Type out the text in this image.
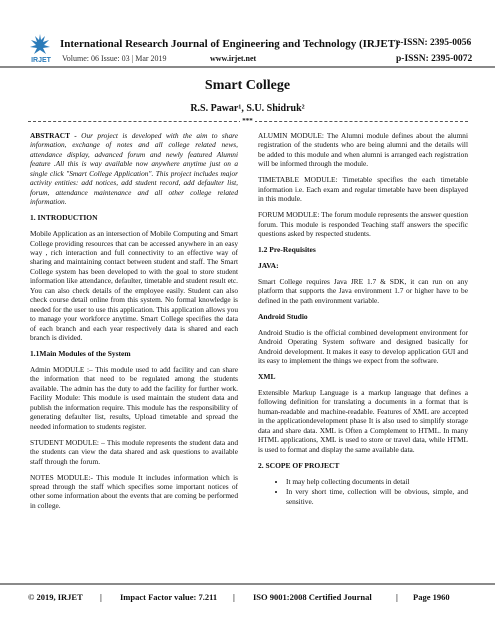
IRJET
International Research Journal of Engineering and Technology (IRJET)
Volume: 06 Issue: 03 | Mar 2019	www.irjet.net
e-ISSN: 2395-0056
p-ISSN: 2395-0072
Smart College
R.S. Pawar¹, S.U. Shidruk²
***

ABSTRACT - Our project is developed with the aim to share information, exchange of notes and all college related news, attendance display, advanced forum and newly featured Alumni feature .All this is way available now anywhere anytime just on a single click "Smart College Application". This project includes major activity entities: add notices, add student record, add defaulter list, forum, attendance maintenance and all other college related information.

1. INTRODUCTION

Mobile Application as an intersection of Mobile Computing and Smart College providing resources that can be accessed anywhere in an easy way , rich interaction and full connectivity to an effective way of sharing and maintaining contact between student and staff. The Smart College system has been developed to with the goal to store student information like attendance, defaulter, timetable and student result etc. You can also check details of the employee easily. Student can also check course detail online from this system. No formal knowledge is needed for the user to use this application. This application allows you to manage your workforce anytime. Smart College specifies the data of each branch and each year respectively data is shared and each branch is divided.

1.1Main Modules of the System

Admin MODULE :– This module used to add facility and can share the information that need to be regulated among the students available. The admin has the duty to add the facility for further work. Facility Module: This module is used maintain the student data and publish the information require. This module has the responsibility of generating defaulter list, results, Upload timetable and spread the needed information to students register.

STUDENT MODULE: – This module represents the student data and the students can view the data shared and ask questions to available staff through the forum.

NOTES MODULE:- This module It includes information which is spread through the staff which specifies some important notices of other some information about the events that are coming be performed in college.

ALUMIN MODULE: The Alumni module defines about the alumni registration of the students who are being alumni and the details will be added to this module and when alumni is arranged each registration will be informed through the module.

TIMETABLE MODULE: Timetable specifies the each timetable information i.e. Each exam and regular timetable have been displayed in this module.

FORUM MODULE: The forum module represents the answer question forum. This module is responded Teaching staff answers the specific questions asked by respected students.

1.2 Pre-Requisites
JAVA:

Smart College requires Java JRE 1.7 & SDK, it can run on any platform that supports the Java environment 1.7 or higher have to be defined in the path environment variable.

Android Studio

Android Studio is the official combined development environment for Android Operating System software and designed basically for Android development. It makes it easy to develop application GUI and its easy to implement the things we expect from the software.

XML

Extensible Markup Language is a markup language that defines a following definition for translating a documents in a format that is human-readable and machine-readable. Features of XML are accepted in the applicationdevelopment phase It is also used to simplify storage data and share data. XML is Often a Complement to HTML. In many HTML applications, XML is used to store or travel data, while HTML is used to format and display the same available data.

2. SCOPE OF PROJECT
• It may help collecting documents in detail
• In very short time, collection will be obvious, simple, and sensitive.
© 2019, IRJET | Impact Factor value: 7.211 | ISO 9001:2008 Certified Journal	| Page 1960
